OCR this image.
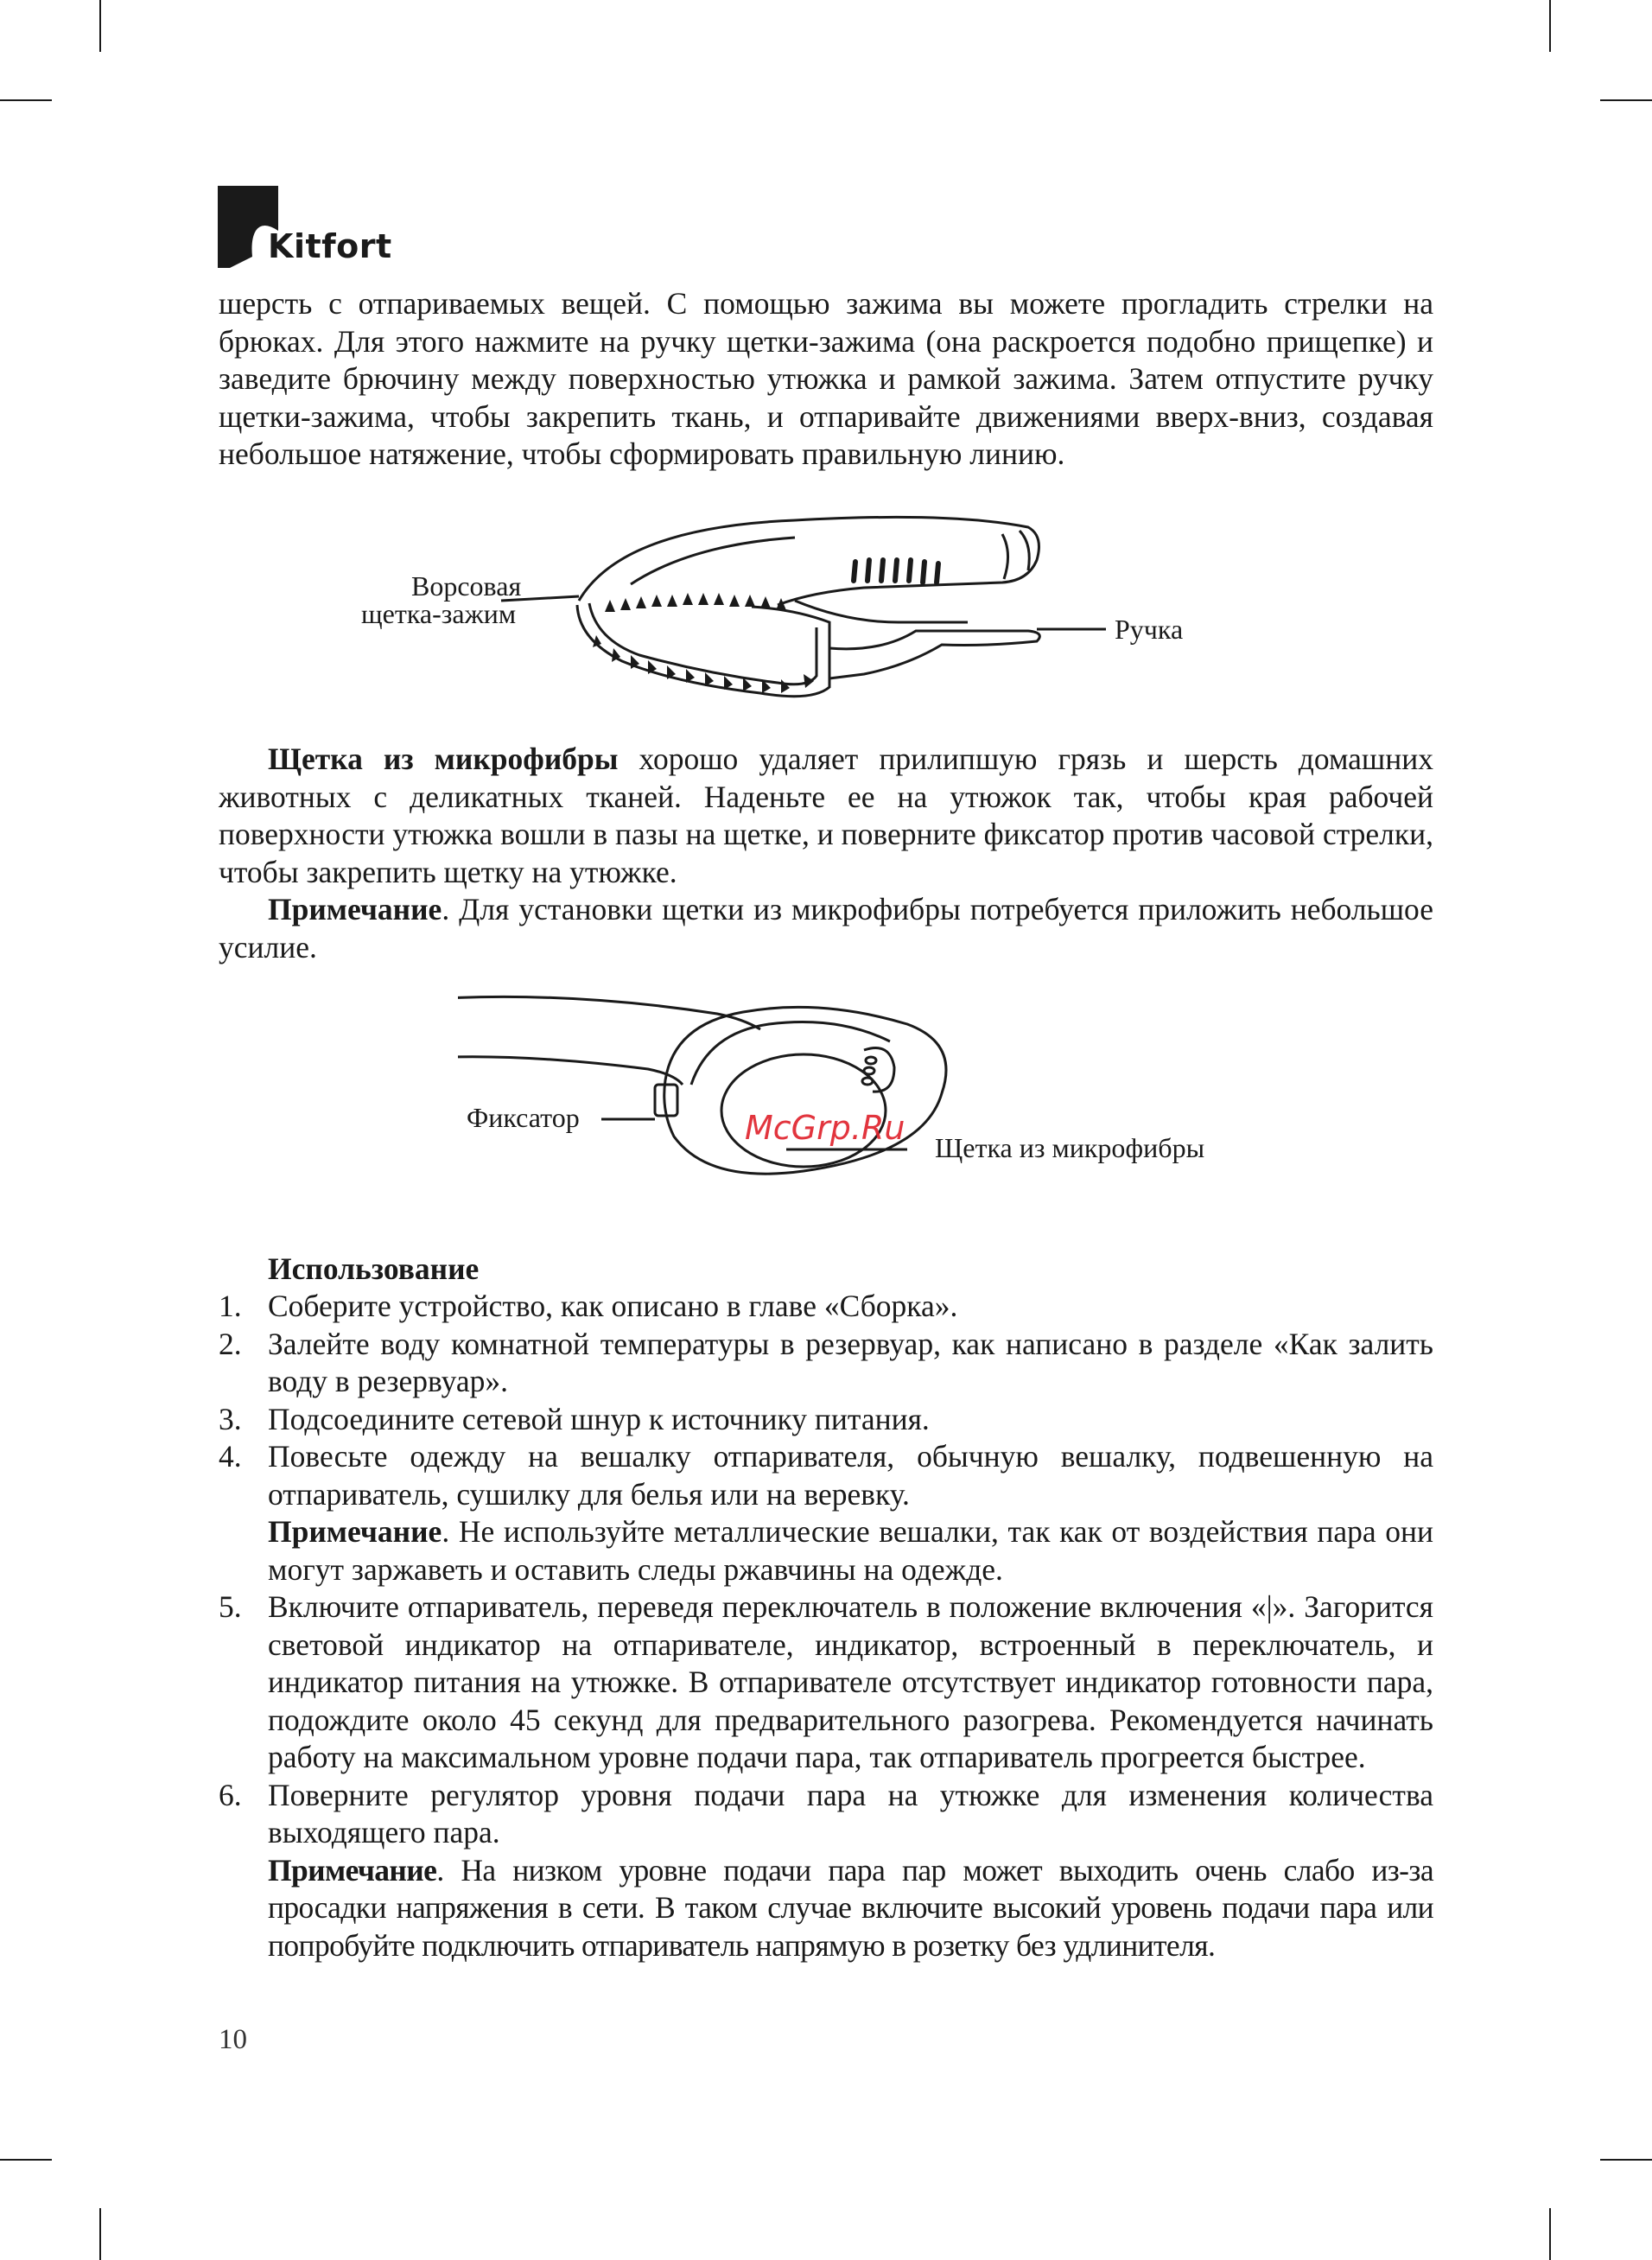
Kitfort

шерсть с отпариваемых вещей. С помощью зажима вы можете прогладить стрелки на брюках. Для этого нажмите на ручку щетки-зажима (она раскроется подобно прищепке) и заведите брючину между поверхностью утюжка и рамкой зажима. Затем отпустите ручку щетки-зажима, чтобы закрепить ткань, и отпаривайте движениями вверх-вниз, создавая небольшое натяжение, чтобы сформировать правильную линию.

Ворсовая
щетка-зажим	Ручка

Щетка из микрофибры хорошо удаляет прилипшую грязь и шерсть домашних животных с деликатных тканей. Наденьте ее на утюжок так, чтобы края рабочей поверхности утюжка вошли в пазы на щетке, и поверните фиксатор против часовой стрелки, чтобы закрепить щетку на утюжке.

Примечание. Для установки щетки из микрофибры потребуется приложить небольшое усилие.

Фиксатор
Щетка из микрофибры
McGrp.Ru

Использование

1. Соберите устройство, как описано в главе «Сборка».
2. Залейте воду комнатной температуры в резервуар, как написано в разделе «Как залить воду в резервуар».
3. Подсоедините сетевой шнур к источнику питания.
4. Повесьте одежду на вешалку отпаривателя, обычную вешалку, подвешенную на отпариватель, сушилку для белья или на веревку.
Примечание. Не используйте металлические вешалки, так как от воздействия пара они могут заржаветь и оставить следы ржавчины на одежде.
5. Включите отпариватель, переведя переключатель в положение включения «|». Загорится световой индикатор на отпаривателе, индикатор, встроенный в переключатель, и индикатор питания на утюжке. В отпаривателе отсутствует индикатор готовности пара, подождите около 45 секунд для предварительного разогрева. Рекомендуется начинать работу на максимальном уровне подачи пара, так отпариватель прогреется быстрее.
6. Поверните регулятор уровня подачи пара на утюжке для изменения количества выходящего пара.
Примечание. На низком уровне подачи пара пар может выходить очень слабо из-за просадки напряжения в сети. В таком случае включите высокий уровень подачи пара или попробуйте подключить отпариватель напрямую в розетку без удлинителя.
10
